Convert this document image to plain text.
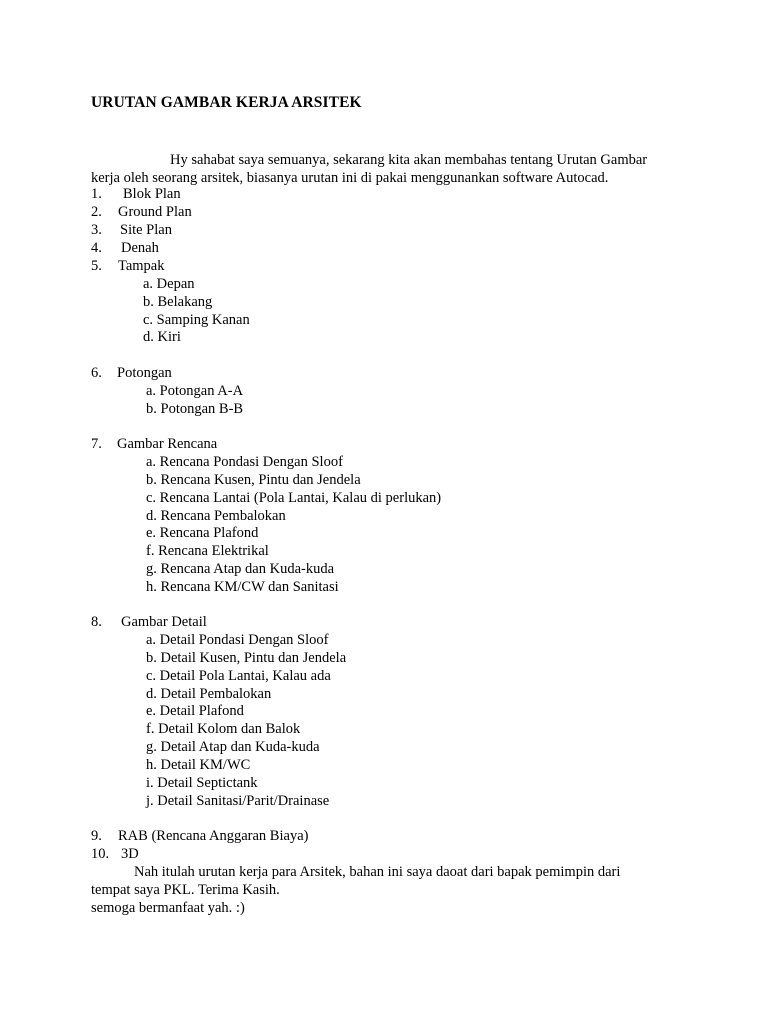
URUTAN GAMBAR KERJA ARSITEK
Hy sahabat saya semuanya, sekarang kita akan membahas tentang Urutan Gambar
kerja oleh seorang arsitek, biasanya urutan ini di pakai menggunankan software Autocad.
1. Blok Plan
2. Ground Plan
3. Site Plan
4. Denah
5. Tampak
a. Depan
b. Belakang
c. Samping Kanan
d. Kiri
6. Potongan
a. Potongan A-A
b. Potongan B-B
7. Gambar Rencana
a. Rencana Pondasi Dengan Sloof
b. Rencana Kusen, Pintu dan Jendela
c. Rencana Lantai (Pola Lantai, Kalau di perlukan)
d. Rencana Pembalokan
e. Rencana Plafond
f. Rencana Elektrikal
g. Rencana Atap dan Kuda-kuda
h. Rencana KM/CW dan Sanitasi
8. Gambar Detail
a. Detail Pondasi Dengan Sloof
b. Detail Kusen, Pintu dan Jendela
c. Detail Pola Lantai, Kalau ada
d. Detail Pembalokan
e. Detail Plafond
f. Detail Kolom dan Balok
g. Detail Atap dan Kuda-kuda
h. Detail KM/WC
i. Detail Septictank
j. Detail Sanitasi/Parit/Drainase
9. RAB (Rencana Anggaran Biaya)
10. 3D
Nah itulah urutan kerja para Arsitek, bahan ini saya daoat dari bapak pemimpin dari
tempat saya PKL. Terima Kasih.
semoga bermanfaat yah. :)
